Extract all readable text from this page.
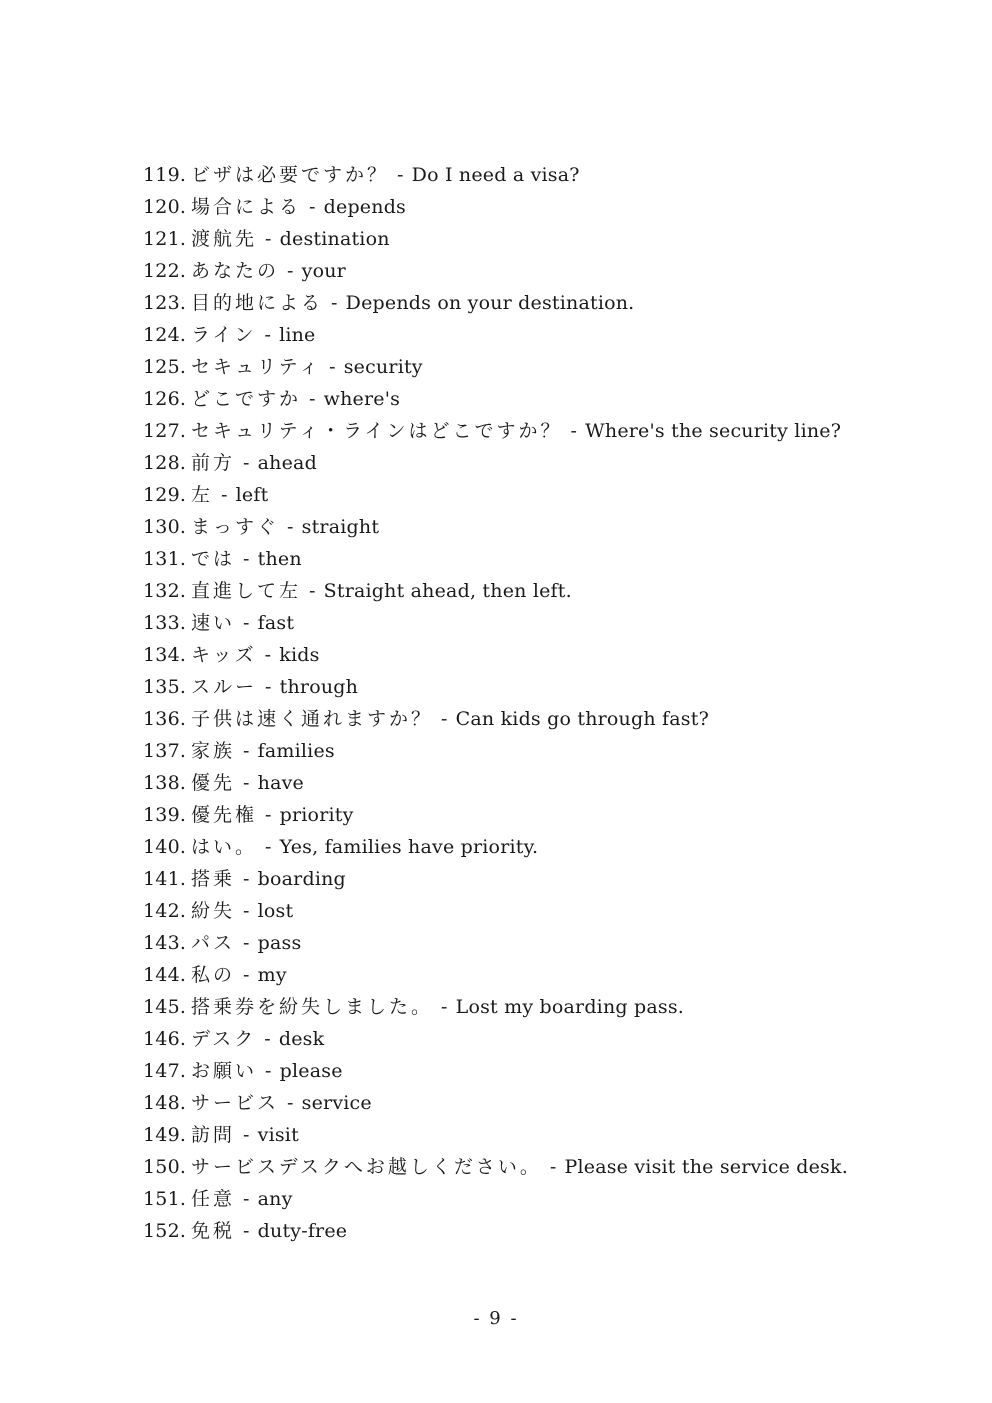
119. ビザは必要ですか？ - Do I need a visa?
120. 場合による - depends
121. 渡航先 - destination
122. あなたの - your
123. 目的地による - Depends on your destination.
124. ライン - line
125. セキュリティ - security
126. どこですか - where's
127. セキュリティ・ラインはどこですか？ - Where's the security line?
128. 前方 - ahead
129. 左 - left
130. まっすぐ - straight
131. では - then
132. 直進して左 - Straight ahead, then left.
133. 速い - fast
134. キッズ - kids
135. スルー - through
136. 子供は速く通れますか？ - Can kids go through fast?
137. 家族 - families
138. 優先 - have
139. 優先権 - priority
140. はい。 - Yes, families have priority.
141. 搭乗 - boarding
142. 紛失 - lost
143. パス - pass
144. 私の - my
145. 搭乗券を紛失しました。 - Lost my boarding pass.
146. デスク - desk
147. お願い - please
148. サービス - service
149. 訪問 - visit
150. サービスデスクへお越しください。 - Please visit the service desk.
151. 任意 - any
152. 免税 - duty-free
- 9 -
